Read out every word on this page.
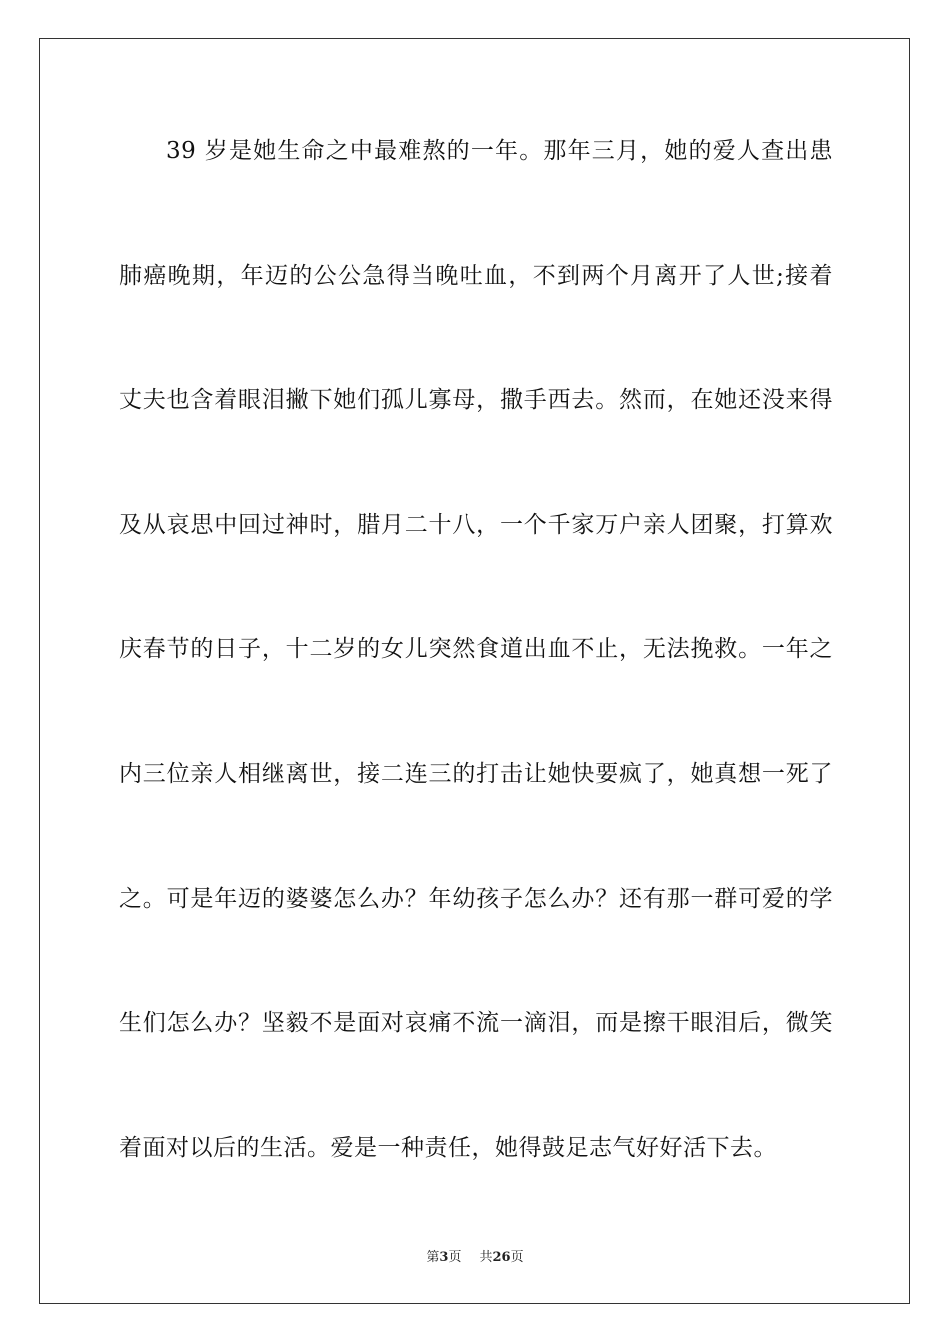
39 岁是她生命之中最难熬的一年。那年三月，她的爱人查出患
肺癌晚期，年迈的公公急得当晚吐血，不到两个月离开了人世;接着
丈夫也含着眼泪撇下她们孤儿寡母，撒手西去。然而，在她还没来得
及从哀思中回过神时，腊月二十八，一个千家万户亲人团聚，打算欢
庆春节的日子，十二岁的女儿突然食道出血不止，无法挽救。一年之
内三位亲人相继离世，接二连三的打击让她快要疯了，她真想一死了
之。可是年迈的婆婆怎么办？年幼孩子怎么办？还有那一群可爱的学
生们怎么办？坚毅不是面对哀痛不流一滴泪，而是擦干眼泪后，微笑
着面对以后的生活。爱是一种责任，她得鼓足志气好好活下去。
第3页 共26页
